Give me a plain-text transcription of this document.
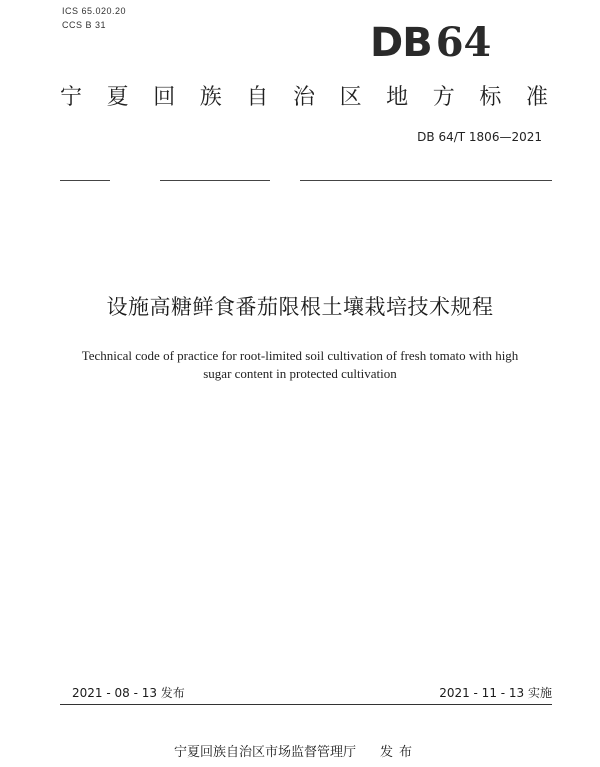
ICS 65.020.20
CCS B 31	DB 64
宁 夏 回 族 自 治 区 地 方 标 准
DB 64/T 1806—2021
设施高糖鲜食番茄限根土壤栽培技术规程
Technical code of practice for root-limited soil cultivation of fresh tomato with high
sugar content in protected cultivation
2021 - 08 - 13 发布	2021 - 11 - 13 实施
宁夏回族自治区市场监督管理厅 发布
